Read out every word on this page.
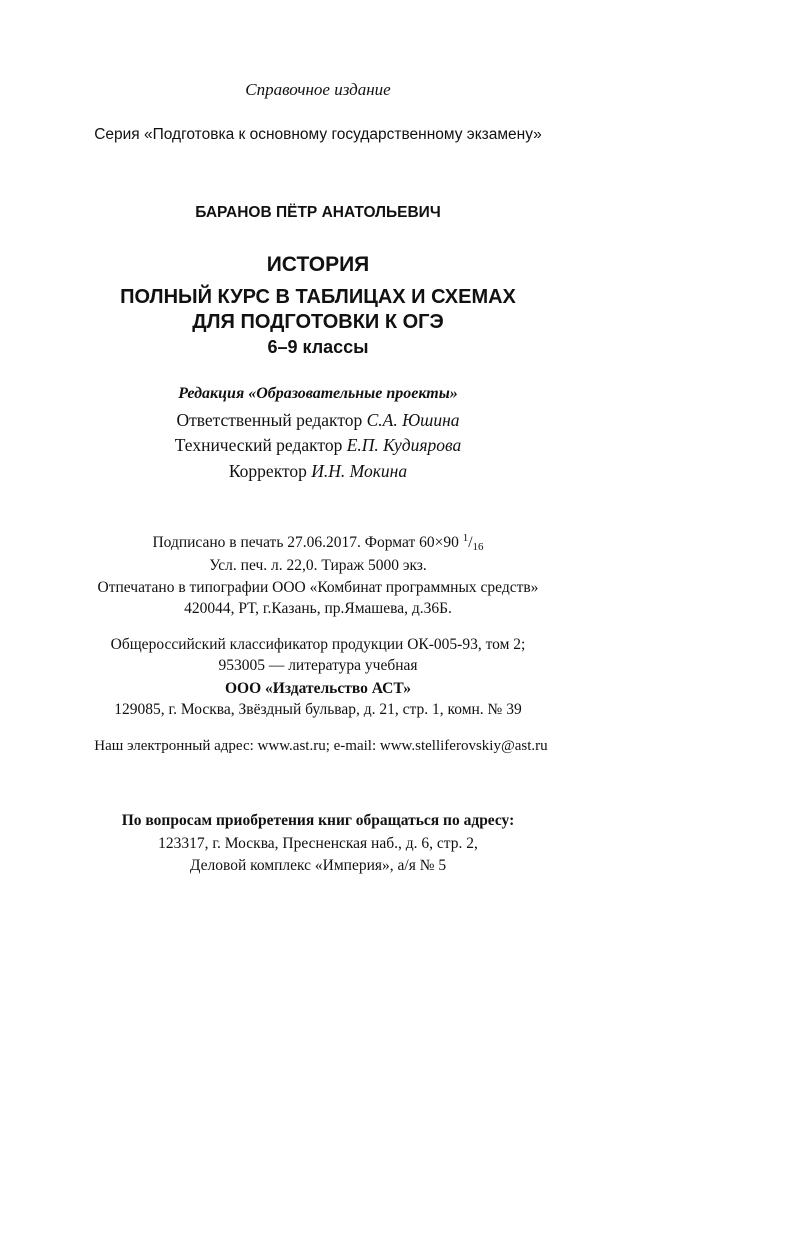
Справочное издание

Серия «Подготовка к основному государственному экзамену»

БАРАНОВ ПЁТР АНАТОЛЬЕВИЧ

ИСТОРИЯ

ПОЛНЫЙ КУРС В ТАБЛИЦАХ И СХЕМАХ

ДЛЯ ПОДГОТОВКИ К ОГЭ

6–9 классы

Редакция «Образовательные проекты»

Ответственный редактор С.А. Юшина

Технический редактор Е.П. Кудиярова

Корректор И.Н. Мокина

Подписано в печать 27.06.2017. Формат 60×90 $^1$/16

Усл. печ. л. 22,0. Тираж 5000 экз.

Отпечатано в типографии ООО «Комбинат программных средств»

420044, РТ, г.Казань, пр.Ямашева, д.36Б.

Общероссийский классификатор продукции ОК-005-93, том 2;

953005 — литература учебная

ООО «Издательство АСТ»

129085, г. Москва, Звёздный бульвар, д. 21, стр. 1, комн. № 39

Наш электронный адрес: www.ast.ru; e-mail: www.stelliferovskiy@ast.ru

По вопросам приобретения книг обращаться по адресу:

123317, г. Москва, Пресненская наб., д. 6, стр. 2,

Деловой комплекс «Империя», а/я № 5
